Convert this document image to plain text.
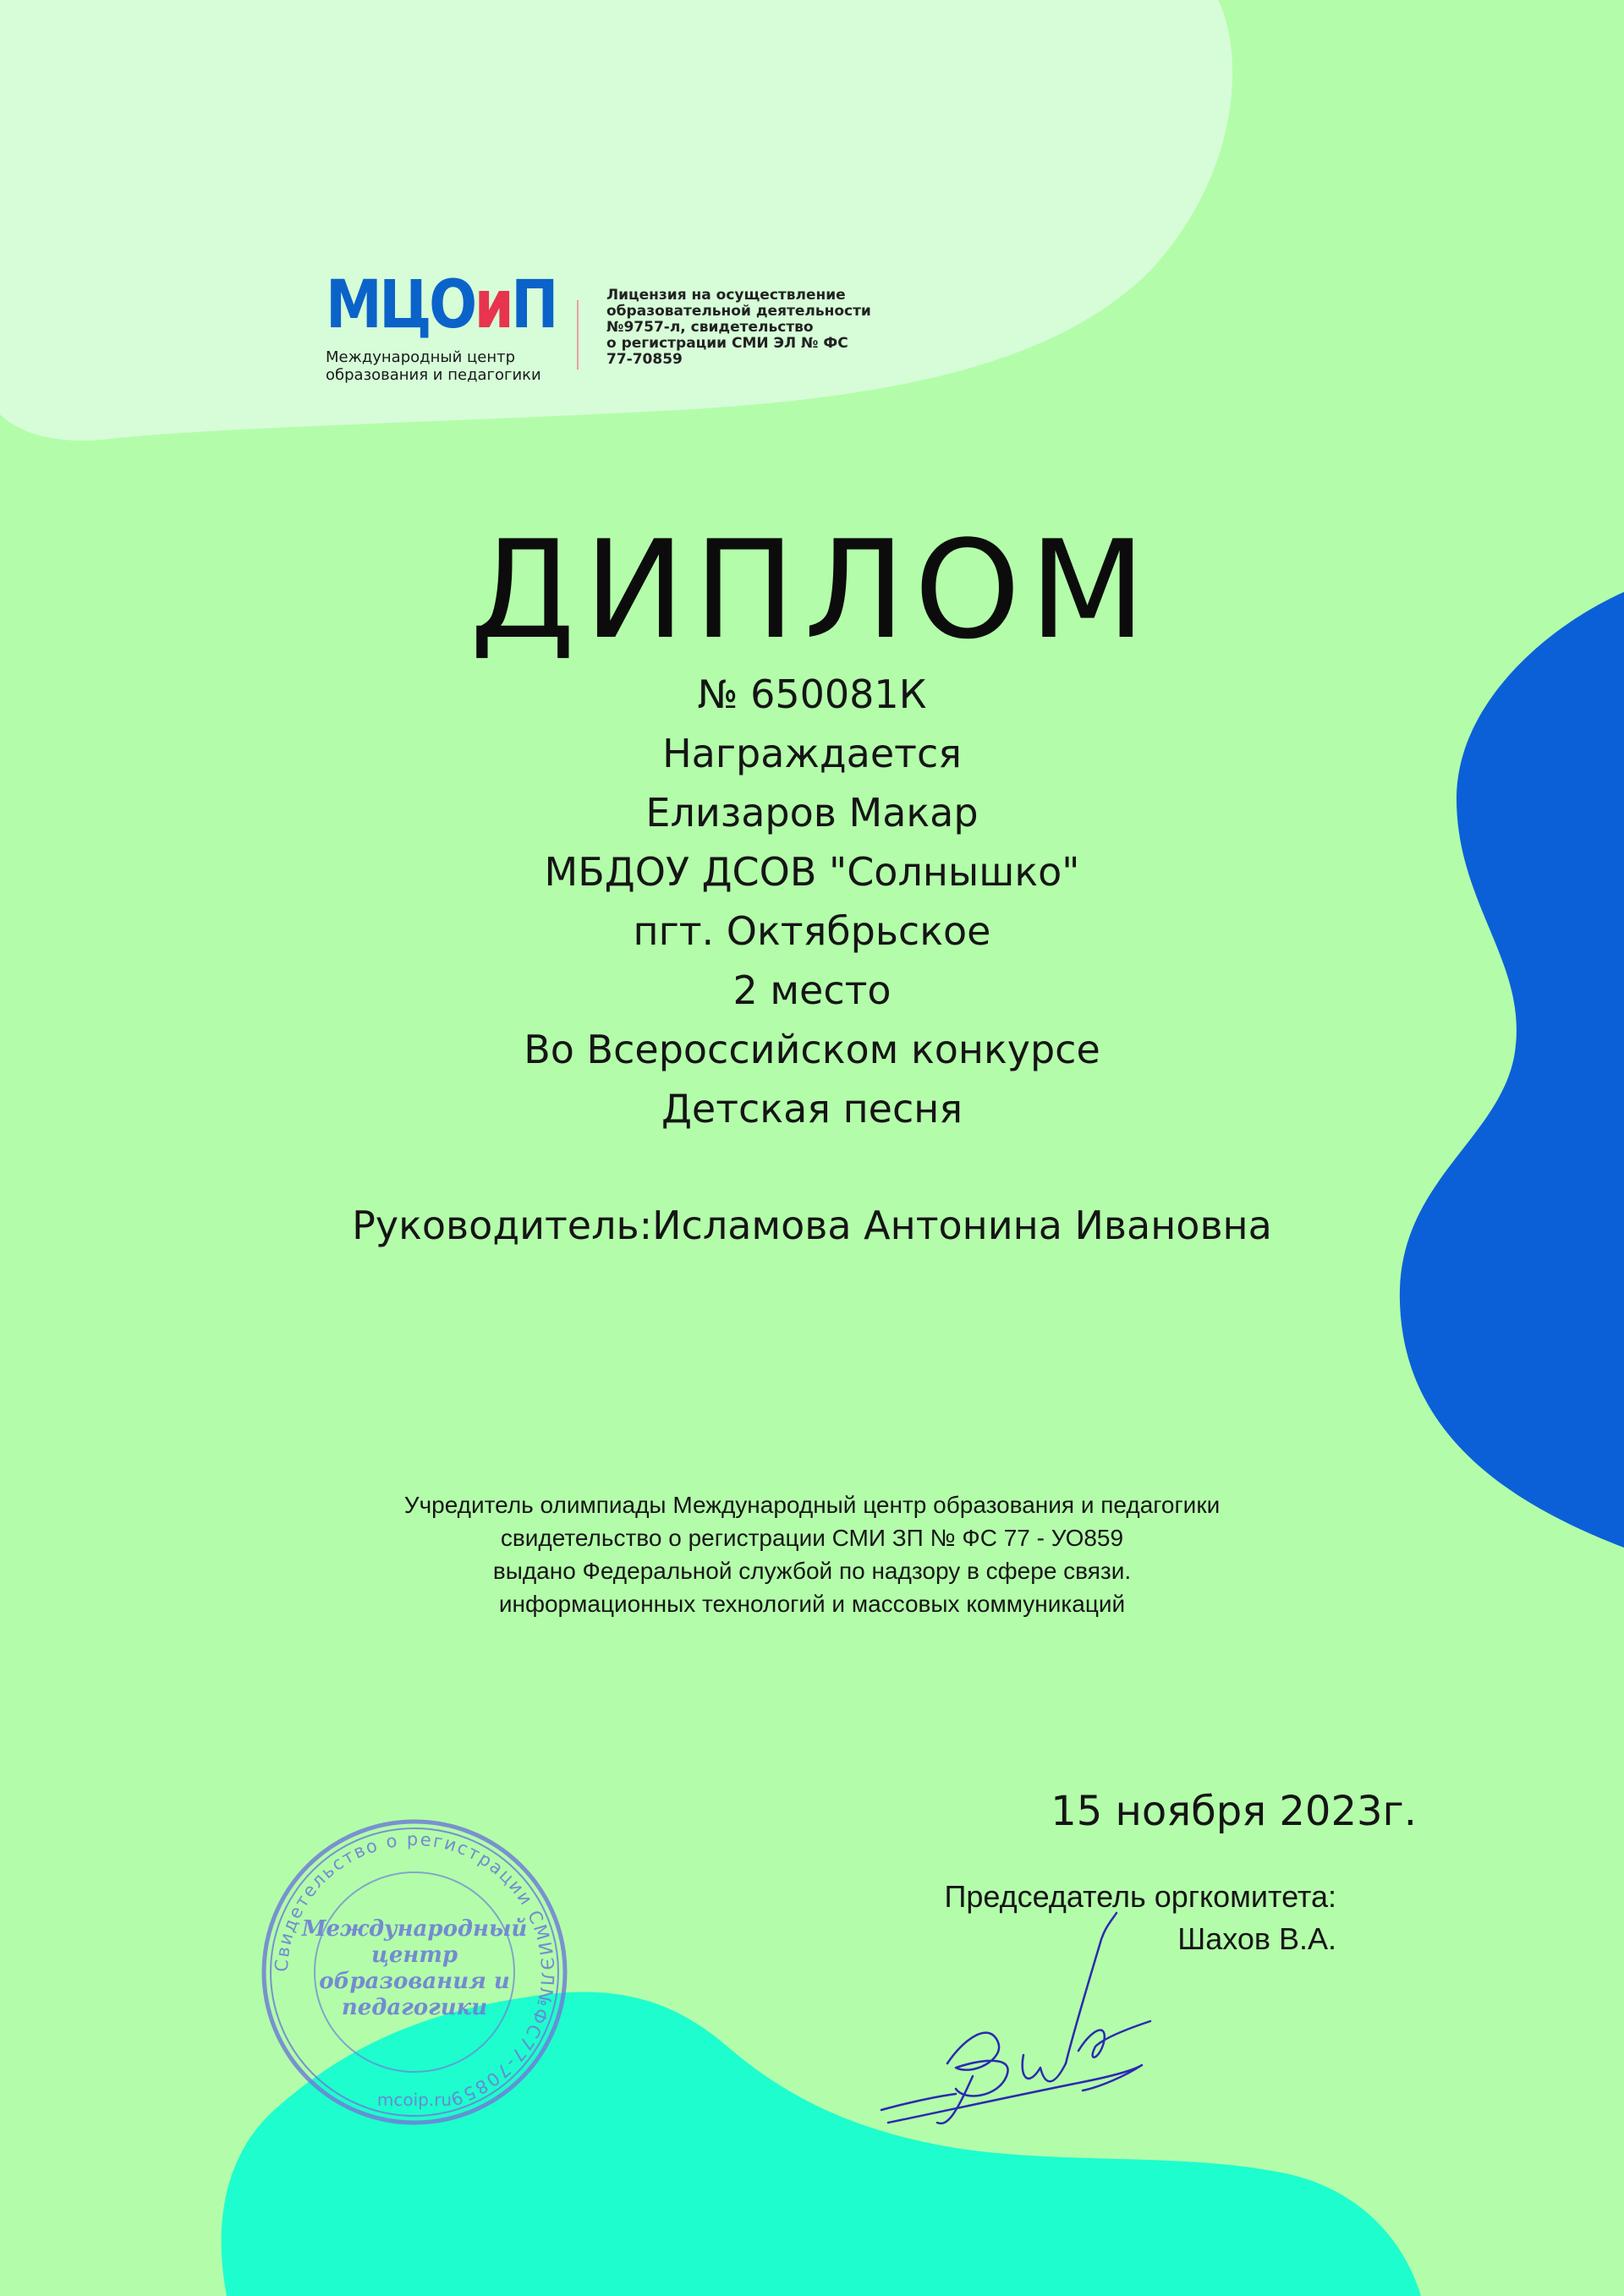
МЦОиП
Международный центр
образования и педагогики
Лицензия на осуществление
образовательной деятельности
№9757-л, свидетельство
о регистрации СМИ ЭЛ № ФС
77-70859
ДИПЛОМ
№ 650081К
Награждается
Елизаров Макар
МБДОУ ДСОВ "Солнышко"
пгт. Октябрьское
2 место
Во Всероссийском конкурсе
Детская песня
Руководитель:Исламова Антонина Ивановна
Учредитель олимпиады Международный центр образования и педагогики
свидетельство о регистрации СМИ ЗП № ФС 77 - УО859
выдано Федеральной службой по надзору в сфере связи.
информационных технологий и массовых коммуникаций
15 ноября 2023г.
Председатель оргкомитета:
Шахов В.А.
Свидетельство о регистрации СМИЭЛ№ФС77-70859
Международный
центр
образования и
педагогики
mcoip.ru
